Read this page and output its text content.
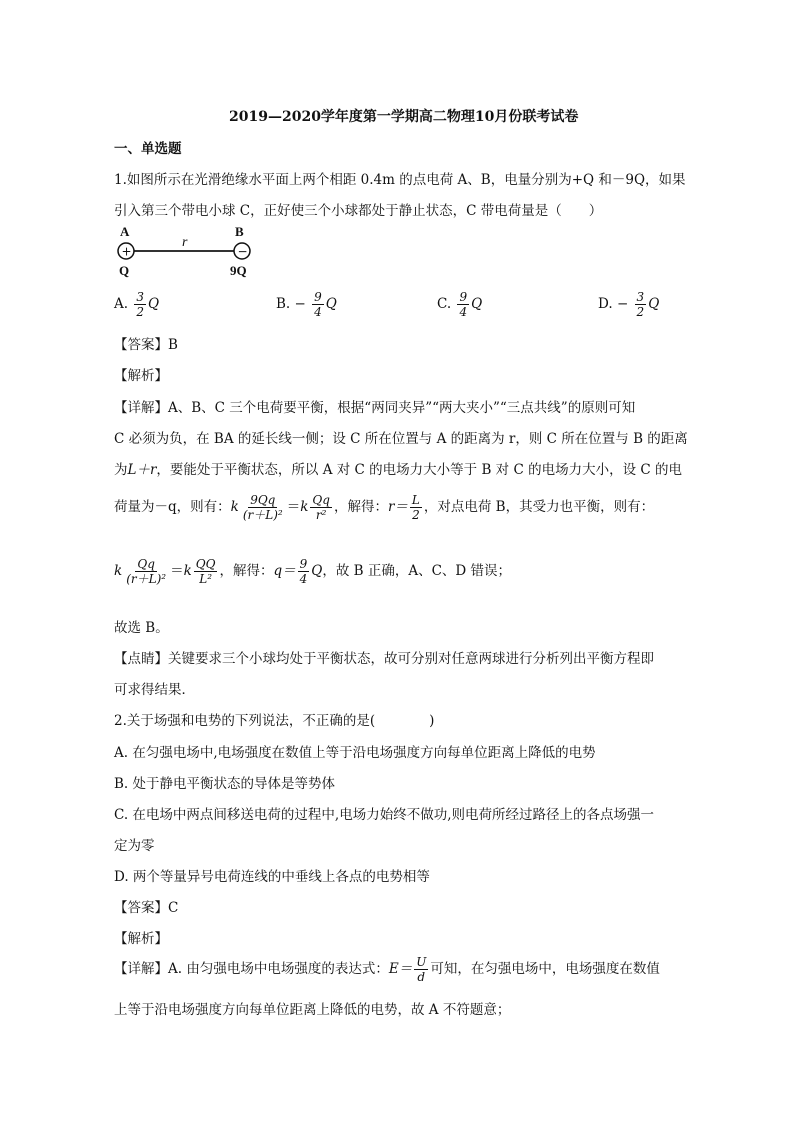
2019—2020学年度第一学期高二物理10月份联考试卷
一、单选题
1.如图所示在光滑绝缘水平面上两个相距 0.4m 的点电荷 A、B，电量分别为+Q 和－9Q，如果
引入第三个带电小球 C，正好使三个小球都处于静止状态，C 带电荷量是（　　）
A	B
+	−
r
Q	9Q
A. $\frac{3}{2}$ Q	B. − $\frac{9}{4}$ Q	C. $\frac{9}{4}$ Q	D. − $\frac{3}{2}$ Q
【答案】B
【解析】
【详解】A、B、C 三个电荷要平衡，根据“两同夹异”“两大夹小”“三点共线”的原则可知
C 必须为负，在 BA 的延长线一侧；设 C 所在位置与 A 的距离为 r，则 C 所在位置与 B 的距离
为L＋r，要能处于平衡状态，所以 A 对 C 的电场力大小等于 B 对 C 的电场力大小，设 C 的电
荷量为－q，则有：k $\frac{9Qq}{\text{(r＋L)²}} =k \frac{Qq}{\text{r²}}$ ，解得：$r= \frac{L}{2}$ ，对点电荷 B，其受力也平衡，则有：
k $\frac{Qq}{\text{(r＋L)²}} =k \frac{QQ}{\text{L²}}$ ，解得：$q= \frac{9}{4}$ Q，故 B 正确，A、C、D 错误；
故选 B。
【点睛】关键要求三个小球均处于平衡状态，故可分别对任意两球进行分析列出平衡方程即
可求得结果．
2.关于场强和电势的下列说法，不正确的是(　　　　)
A. 在匀强电场中,电场强度在数值上等于沿电场强度方向每单位距离上降低的电势
B. 处于静电平衡状态的导体是等势体
C. 在电场中两点间移送电荷的过程中,电场力始终不做功,则电荷所经过路径上的各点场强一
定为零
D. 两个等量异号电荷连线的中垂线上各点的电势相等
【答案】C
【解析】
【详解】A. 由匀强电场中电场强度的表达式：$E= \frac{U}{d}$ 可知，在匀强电场中，电场强度在数值
上等于沿电场强度方向每单位距离上降低的电势，故 A 不符题意；
